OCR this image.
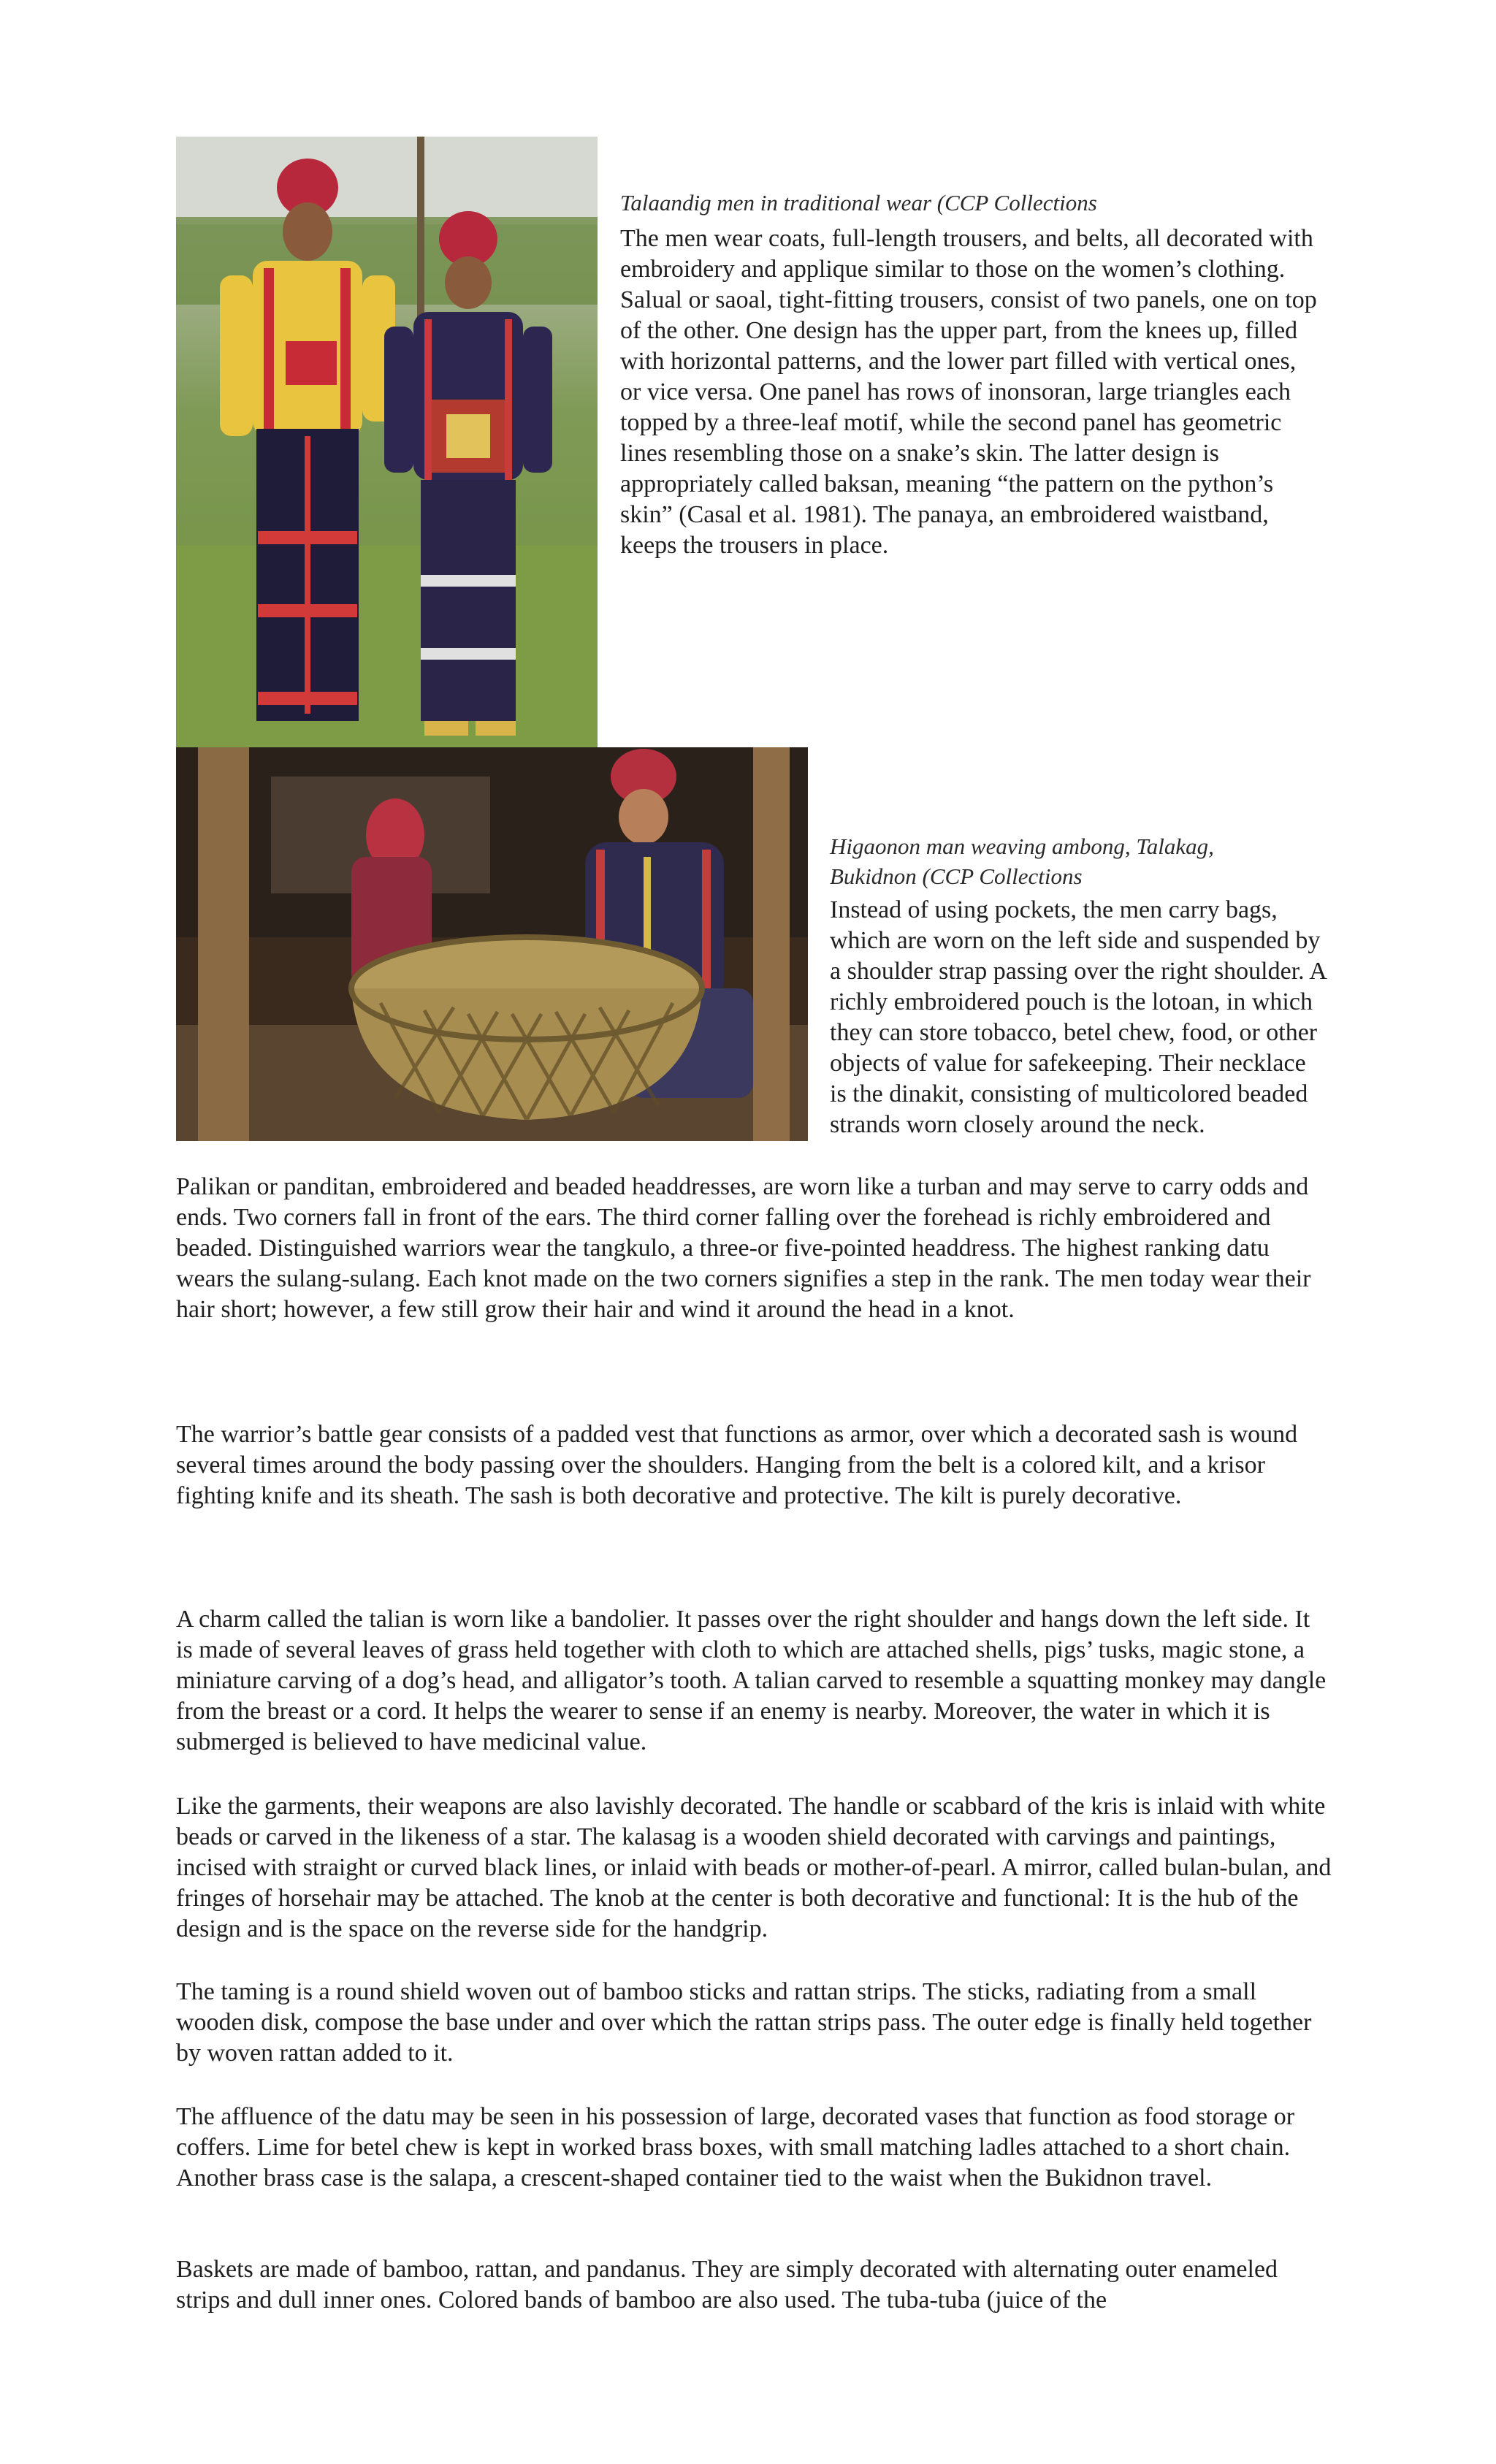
Talaandig men in traditional wear (CCP Collections

The men wear coats, full-length trousers, and belts, all decorated with embroidery and applique similar to those on the women’s clothing. Salual or saoal, tight-fitting trousers, consist of two panels, one on top of the other. One design has the upper part, from the knees up, filled with horizontal patterns, and the lower part filled with vertical ones, or vice versa. One panel has rows of inonsoran, large triangles each topped by a three-leaf motif, while the second panel has geometric lines resembling those on a snake’s skin. The latter design is appropriately called baksan, meaning “the pattern on the python’s skin” (Casal et al. 1981). The panaya, an embroidered waistband, keeps the trousers in place.

Higaonon man weaving ambong, Talakag, Bukidnon (CCP Collections

Instead of using pockets, the men carry bags, which are worn on the left side and suspended by a shoulder strap passing over the right shoulder. A richly embroidered pouch is the lotoan, in which they can store tobacco, betel chew, food, or other objects of value for safekeeping. Their necklace is the dinakit, consisting of multicolored beaded strands worn closely around the neck.

Palikan or panditan, embroidered and beaded headdresses, are worn like a turban and may serve to carry odds and ends. Two corners fall in front of the ears. The third corner falling over the forehead is richly embroidered and beaded. Distinguished warriors wear the tangkulo, a three-or five-pointed headdress. The highest ranking datu wears the sulang-sulang. Each knot made on the two corners signifies a step in the rank. The men today wear their hair short; however, a few still grow their hair and wind it around the head in a knot.

The warrior’s battle gear consists of a padded vest that functions as armor, over which a decorated sash is wound several times around the body passing over the shoulders. Hanging from the belt is a colored kilt, and a krisor fighting knife and its sheath. The sash is both decorative and protective. The kilt is purely decorative.

A charm called the talian is worn like a bandolier. It passes over the right shoulder and hangs down the left side. It is made of several leaves of grass held together with cloth to which are attached shells, pigs’ tusks, magic stone, a miniature carving of a dog’s head, and alligator’s tooth. A talian carved to resemble a squatting monkey may dangle from the breast or a cord. It helps the wearer to sense if an enemy is nearby. Moreover, the water in which it is submerged is believed to have medicinal value.

Like the garments, their weapons are also lavishly decorated. The handle or scabbard of the kris is inlaid with white beads or carved in the likeness of a star. The kalasag is a wooden shield decorated with carvings and paintings, incised with straight or curved black lines, or inlaid with beads or mother-of-pearl. A mirror, called bulan-bulan, and fringes of horsehair may be attached. The knob at the center is both decorative and functional: It is the hub of the design and is the space on the reverse side for the handgrip.

The taming is a round shield woven out of bamboo sticks and rattan strips. The sticks, radiating from a small wooden disk, compose the base under and over which the rattan strips pass. The outer edge is finally held together by woven rattan added to it.

The affluence of the datu may be seen in his possession of large, decorated vases that function as food storage or coffers. Lime for betel chew is kept in worked brass boxes, with small matching ladles attached to a short chain. Another brass case is the salapa, a crescent-shaped container tied to the waist when the Bukidnon travel.

Baskets are made of bamboo, rattan, and pandanus. They are simply decorated with alternating outer enameled strips and dull inner ones. Colored bands of bamboo are also used. The tuba-tuba (juice of the
